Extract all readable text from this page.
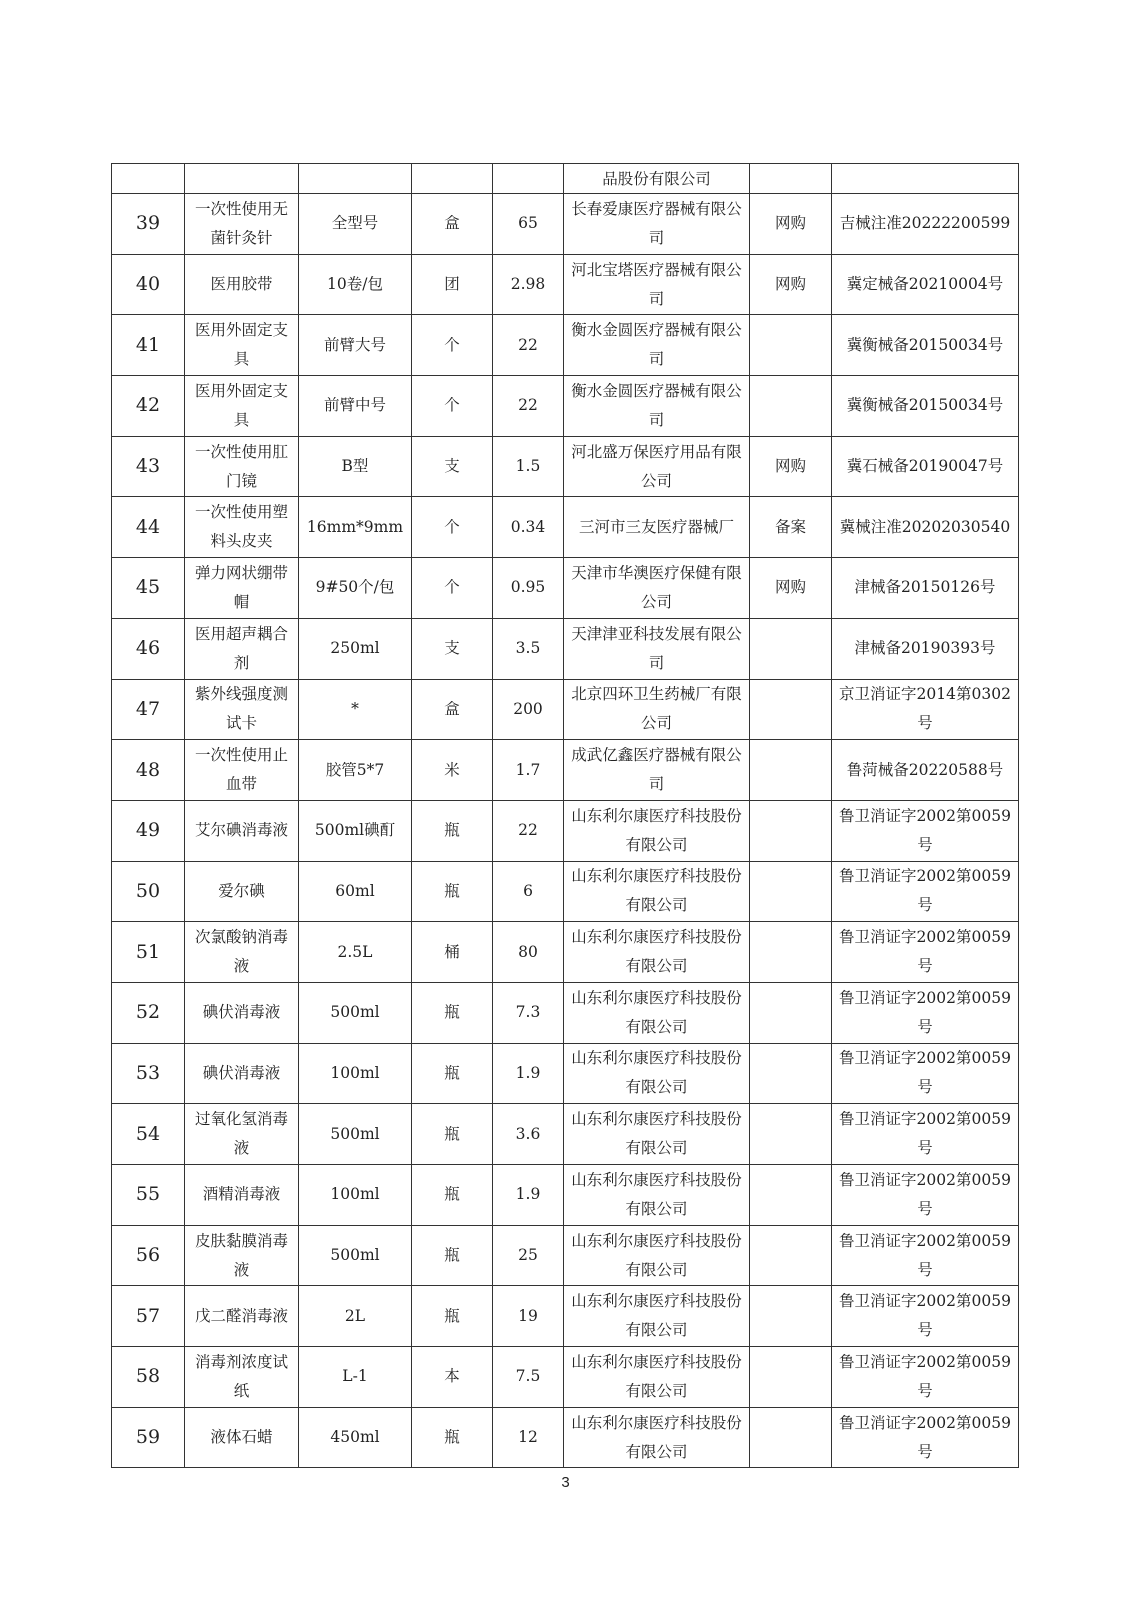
					品股份有限公司		
39	一次性使用无菌针灸针	全型号	盒	65	长春爱康医疗器械有限公司	网购	吉械注准20222200599
40	医用胶带	10卷/包	团	2.98	河北宝塔医疗器械有限公司	网购	冀定械备20210004号
41	医用外固定支具	前臂大号	个	22	衡水金圆医疗器械有限公司		冀衡械备20150034号
42	医用外固定支具	前臂中号	个	22	衡水金圆医疗器械有限公司		冀衡械备20150034号
43	一次性使用肛门镜	B型	支	1.5	河北盛万保医疗用品有限公司	网购	冀石械备20190047号
44	一次性使用塑料头皮夹	16mm*9mm	个	0.34	三河市三友医疗器械厂	备案	冀械注准20202030540
45	弹力网状绷带帽	9#50个/包	个	0.95	天津市华澳医疗保健有限公司	网购	津械备20150126号
46	医用超声耦合剂	250ml	支	3.5	天津津亚科技发展有限公司		津械备20190393号
47	紫外线强度测试卡	*	盒	200	北京四环卫生药械厂有限公司		京卫消证字2014第0302号
48	一次性使用止血带	胶管5*7	米	1.7	成武亿鑫医疗器械有限公司		鲁菏械备20220588号
49	艾尔碘消毒液	500ml碘酊	瓶	22	山东利尔康医疗科技股份有限公司		鲁卫消证字2002第0059号
50	爱尔碘	60ml	瓶	6	山东利尔康医疗科技股份有限公司		鲁卫消证字2002第0059号
51	次氯酸钠消毒液	2.5L	桶	80	山东利尔康医疗科技股份有限公司		鲁卫消证字2002第0059号
52	碘伏消毒液	500ml	瓶	7.3	山东利尔康医疗科技股份有限公司		鲁卫消证字2002第0059号
53	碘伏消毒液	100ml	瓶	1.9	山东利尔康医疗科技股份有限公司		鲁卫消证字2002第0059号
54	过氧化氢消毒液	500ml	瓶	3.6	山东利尔康医疗科技股份有限公司		鲁卫消证字2002第0059号
55	酒精消毒液	100ml	瓶	1.9	山东利尔康医疗科技股份有限公司		鲁卫消证字2002第0059号
56	皮肤黏膜消毒液	500ml	瓶	25	山东利尔康医疗科技股份有限公司		鲁卫消证字2002第0059号
57	戊二醛消毒液	2L	瓶	19	山东利尔康医疗科技股份有限公司		鲁卫消证字2002第0059号
58	消毒剂浓度试纸	L-1	本	7.5	山东利尔康医疗科技股份有限公司		鲁卫消证字2002第0059号
59	液体石蜡	450ml	瓶	12	山东利尔康医疗科技股份有限公司		鲁卫消证字2002第0059号
3
